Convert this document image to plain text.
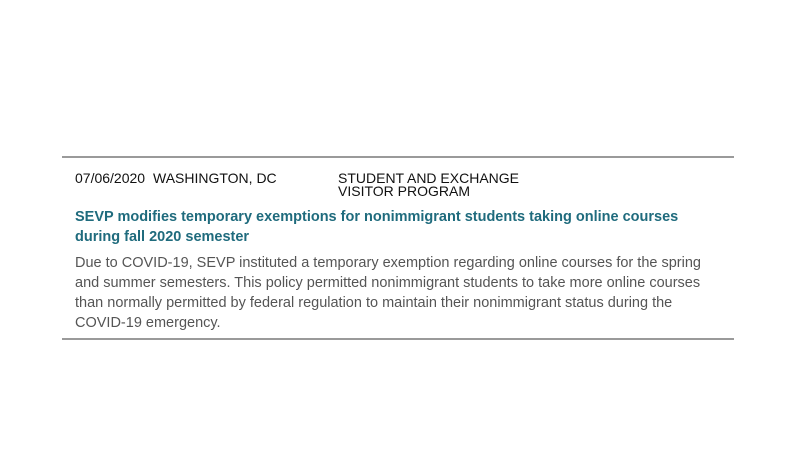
07/06/2020 WASHINGTON, DC	STUDENT AND EXCHANGE VISITOR PROGRAM
SEVP modifies temporary exemptions for nonimmigrant students taking online courses during fall 2020 semester

Due to COVID-19, SEVP instituted a temporary exemption regarding online courses for the spring and summer semesters. This policy permitted nonimmigrant students to take more online courses than normally permitted by federal regulation to maintain their nonimmigrant status during the COVID-19 emergency.
